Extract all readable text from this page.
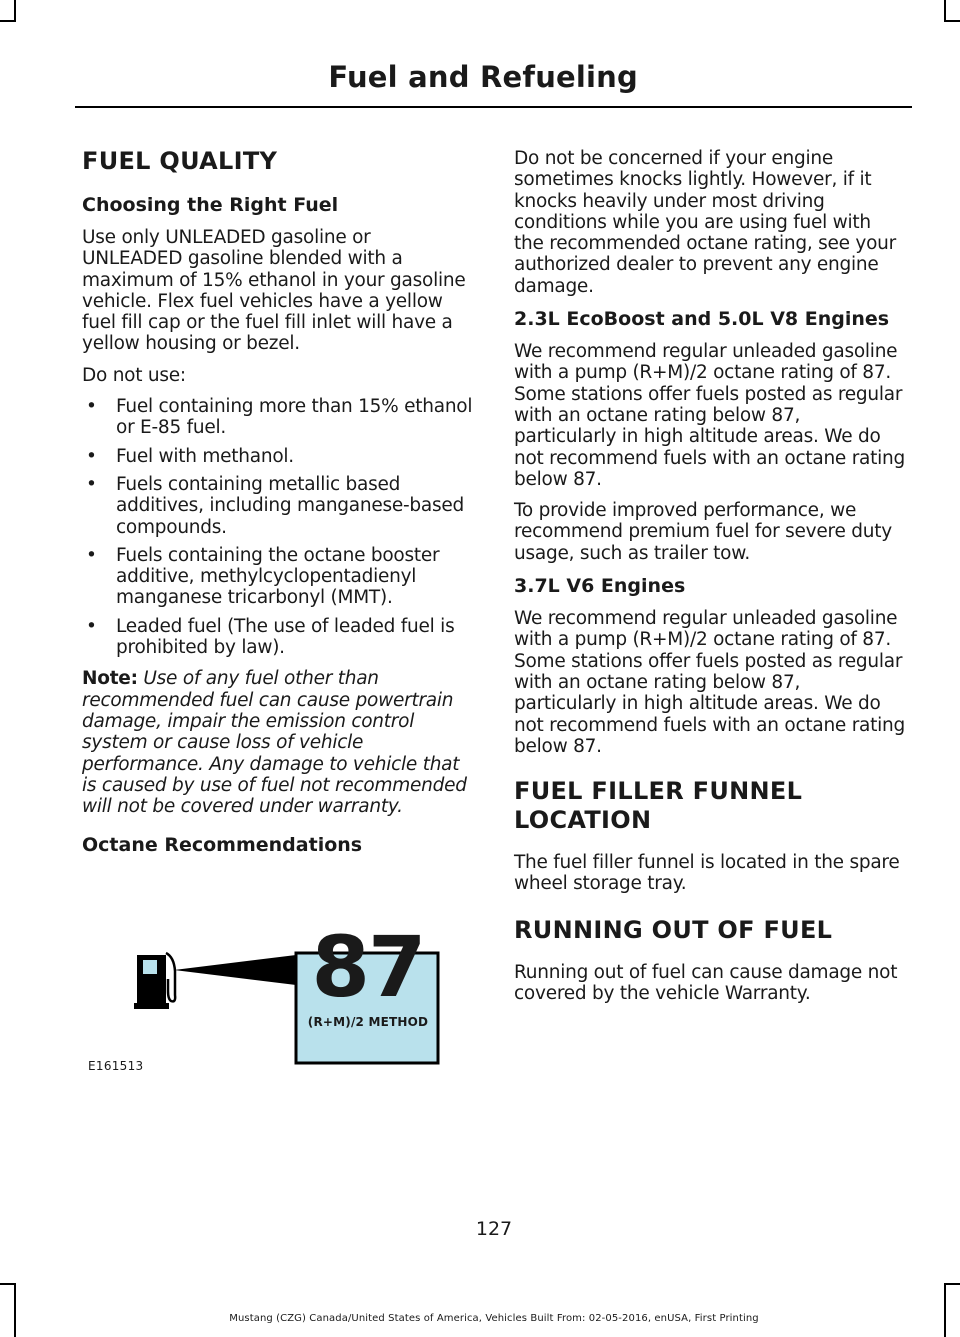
Fuel and Refueling
FUEL QUALITY
Choosing the Right Fuel

Use only UNLEADED gasoline or UNLEADED gasoline blended with a maximum of 15% ethanol in your gasoline vehicle. Flex fuel vehicles have a yellow fuel fill cap or the fuel fill inlet will have a yellow housing or bezel.

Do not use:

• Fuel containing more than 15% ethanol or E-85 fuel.
• Fuel with methanol.
• Fuels containing metallic based additives, including manganese-based compounds.
• Fuels containing the octane booster additive, methylcyclopentadienyl manganese tricarbonyl (MMT).
• Leaded fuel (The use of leaded fuel is prohibited by law).

Note: Use of any fuel other than recommended fuel can cause powertrain damage, impair the emission control system or cause loss of vehicle performance. Any damage to vehicle that is caused by use of fuel not recommended will not be covered under warranty.

Octane Recommendations
87
(R+M)/2 METHOD
E161513

Do not be concerned if your engine sometimes knocks lightly. However, if it knocks heavily under most driving conditions while you are using fuel with the recommended octane rating, see your authorized dealer to prevent any engine damage.

2.3L EcoBoost and 5.0L V8 Engines

We recommend regular unleaded gasoline with a pump (R+M)/2 octane rating of 87. Some stations offer fuels posted as regular with an octane rating below 87, particularly in high altitude areas. We do not recommend fuels with an octane rating below 87.

To provide improved performance, we recommend premium fuel for severe duty usage, such as trailer tow.

3.7L V6 Engines

We recommend regular unleaded gasoline with a pump (R+M)/2 octane rating of 87. Some stations offer fuels posted as regular with an octane rating below 87, particularly in high altitude areas. We do not recommend fuels with an octane rating below 87.

FUEL FILLER FUNNEL
LOCATION

The fuel filler funnel is located in the spare wheel storage tray.

RUNNING OUT OF FUEL

Running out of fuel can cause damage not covered by the vehicle Warranty.

127
Mustang (CZG) Canada/United States of America, Vehicles Built From: 02-05-2016, enUSA, First Printing
